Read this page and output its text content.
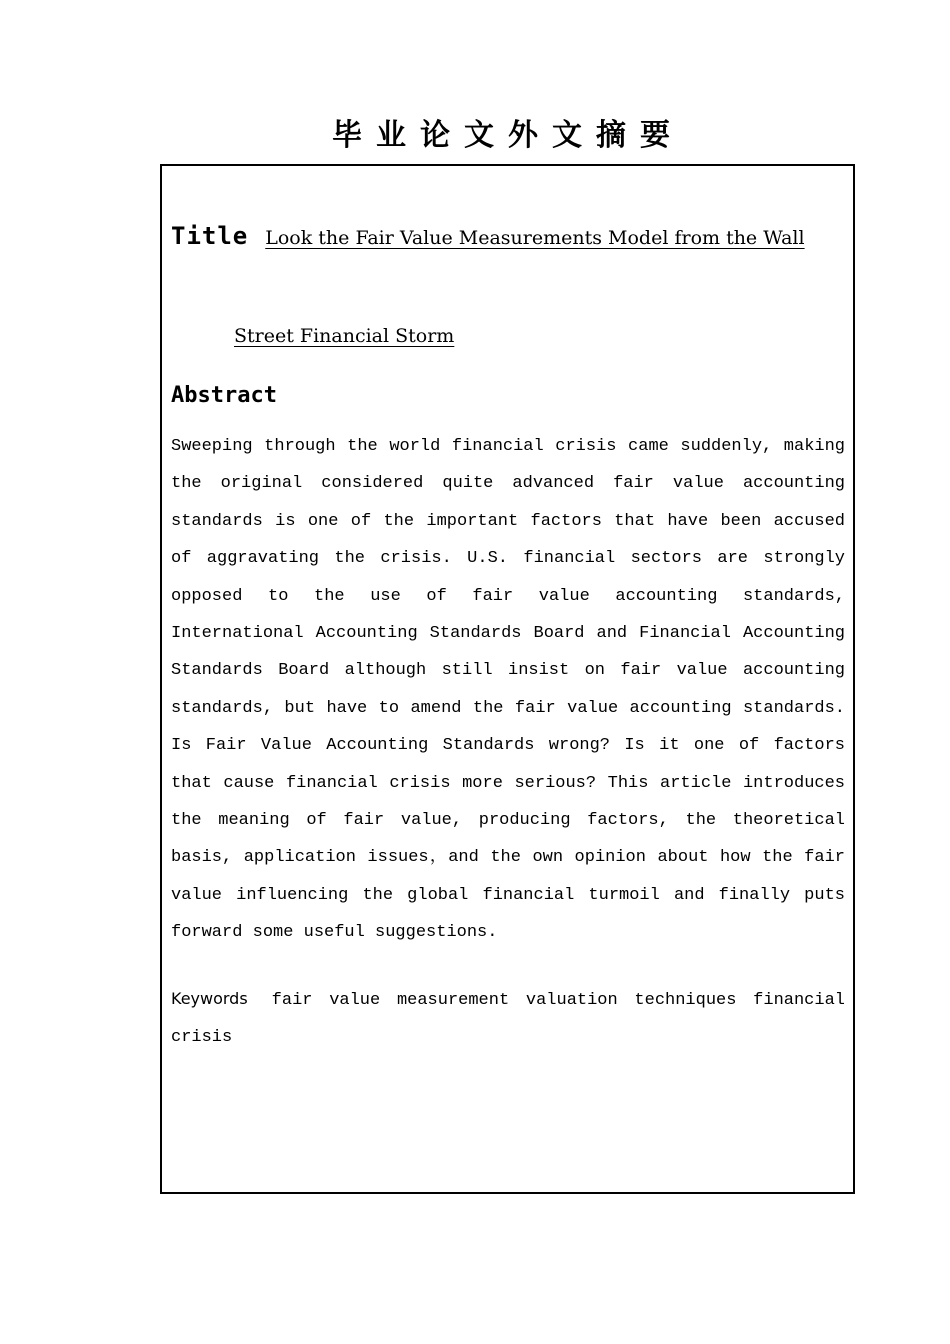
毕业论文外文摘要
Title Look the Fair Value Measurements Model from the Wall
Street Financial Storm
Abstract
Sweeping through the world financial crisis came suddenly, making the original considered quite advanced fair value accounting standards is one of the important factors that have been accused of aggravating the crisis. U.S. financial sectors are strongly opposed to the use of fair value accounting standards, International Accounting Standards Board and Financial Accounting Standards Board although still insist on fair value accounting standards, but have to amend the fair value accounting standards. Is Fair Value Accounting Standards wrong? Is it one of factors that cause financial crisis more serious? This article introduces the meaning of fair value, producing factors, the theoretical basis, application issues，and the own opinion about how the fair value influencing the global financial turmoil and finally puts forward some useful suggestions.
Keywords fair value measurement valuation techniques financial crisis
